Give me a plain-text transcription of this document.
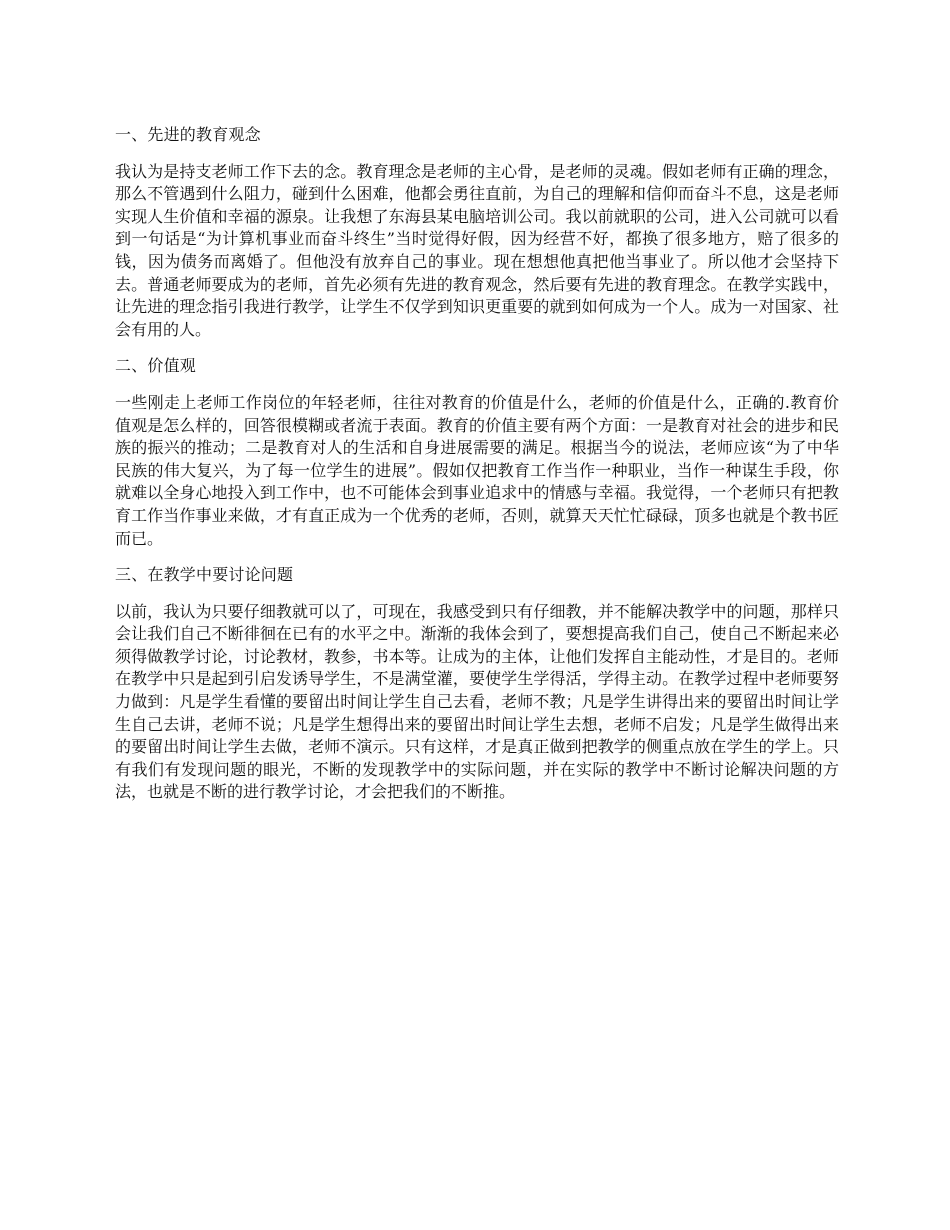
一、先进的教育观念

我认为是持支老师工作下去的念。教育理念是老师的主心骨，是老师的灵魂。假如老师有正确的理念，那么不管遇到什么阻力，碰到什么困难，他都会勇往直前，为自己的理解和信仰而奋斗不息，这是老师实现人生价值和幸福的源泉。让我想了东海县某电脑培训公司。我以前就职的公司，进入公司就可以看到一句话是“为计算机事业而奋斗终生”当时觉得好假，因为经营不好，都换了很多地方，赔了很多的钱，因为债务而离婚了。但他没有放弃自己的事业。现在想想他真把他当事业了。所以他才会坚持下去。普通老师要成为的老师，首先必须有先进的教育观念，然后要有先进的教育理念。在教学实践中，让先进的理念指引我进行教学，让学生不仅学到知识更重要的就到如何成为一个人。成为一对国家、社会有用的人。

二、价值观

一些刚走上老师工作岗位的年轻老师，往往对教育的价值是什么，老师的价值是什么，正确的.教育价值观是怎么样的，回答很模糊或者流于表面。教育的价值主要有两个方面：一是教育对社会的进步和民族的振兴的推动；二是教育对人的生活和自身进展需要的满足。根据当今的说法，老师应该“为了中华民族的伟大复兴，为了每一位学生的进展”。假如仅把教育工作当作一种职业，当作一种谋生手段，你就难以全身心地投入到工作中，也不可能体会到事业追求中的情感与幸福。我觉得，一个老师只有把教育工作当作事业来做，才有直正成为一个优秀的老师，否则，就算天天忙忙碌碌，顶多也就是个教书匠而已。

三、在教学中要讨论问题

以前，我认为只要仔细教就可以了，可现在，我感受到只有仔细教，并不能解决教学中的问题，那样只会让我们自己不断徘徊在已有的水平之中。渐渐的我体会到了，要想提高我们自己，使自己不断起来必须得做教学讨论，讨论教材，教参，书本等。让成为的主体，让他们发挥自主能动性，才是目的。老师在教学中只是起到引启发诱导学生，不是满堂灌，要使学生学得活，学得主动。在教学过程中老师要努力做到：凡是学生看懂的要留出时间让学生自己去看，老师不教；凡是学生讲得出来的要留出时间让学生自己去讲，老师不说；凡是学生想得出来的要留出时间让学生去想，老师不启发；凡是学生做得出来的要留出时间让学生去做，老师不演示。只有这样，才是真正做到把教学的侧重点放在学生的学上。只有我们有发现问题的眼光，不断的发现教学中的实际问题，并在实际的教学中不断讨论解决问题的方法，也就是不断的进行教学讨论，才会把我们的不断推。
